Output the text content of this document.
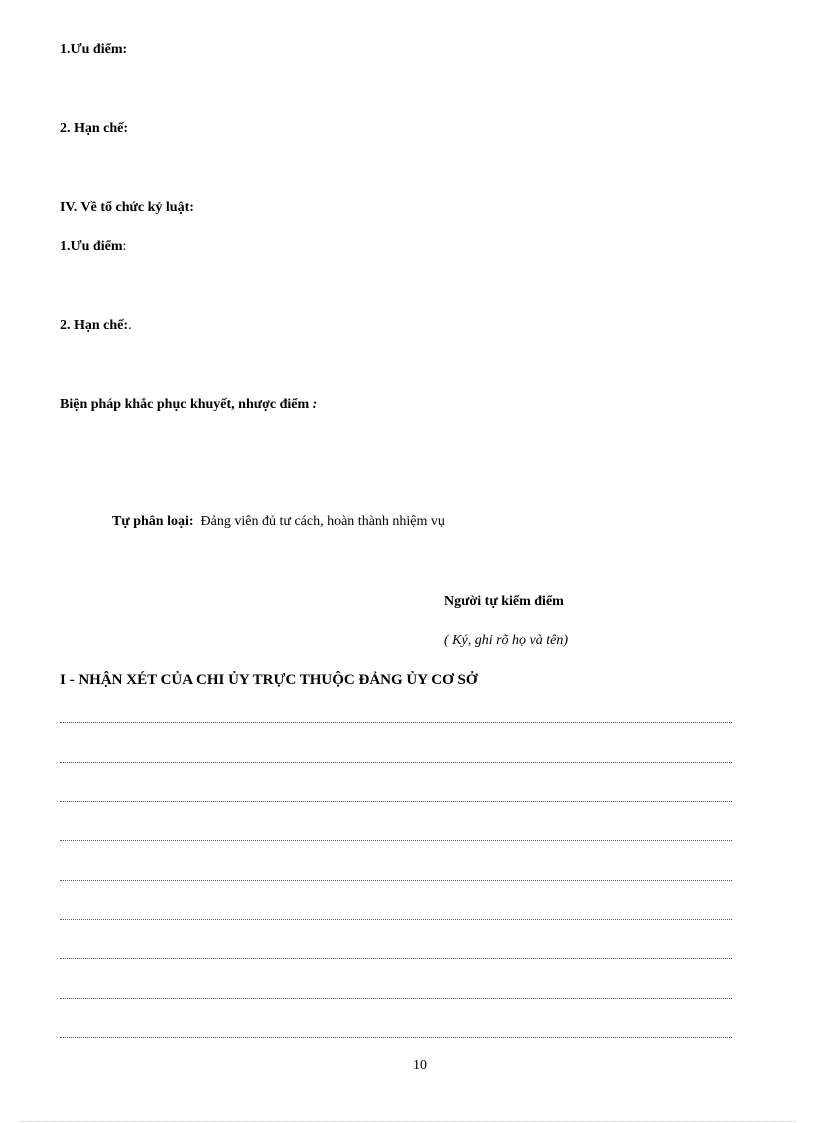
1.Ưu điểm:
2. Hạn chế:
IV. Về tổ chức kỷ luật:
1.Ưu điểm:
2. Hạn chế:.
Biện pháp khắc phục khuyết, nhược điểm :
Tự phân loại: Đảng viên đủ tư cách, hoàn thành nhiệm vụ
Người tự kiểm điểm
( Ký, ghi rõ họ và tên)
I - NHẬN XÉT CỦA CHI ỦY TRỰC THUỘC ĐẢNG ỦY CƠ SỞ
10
